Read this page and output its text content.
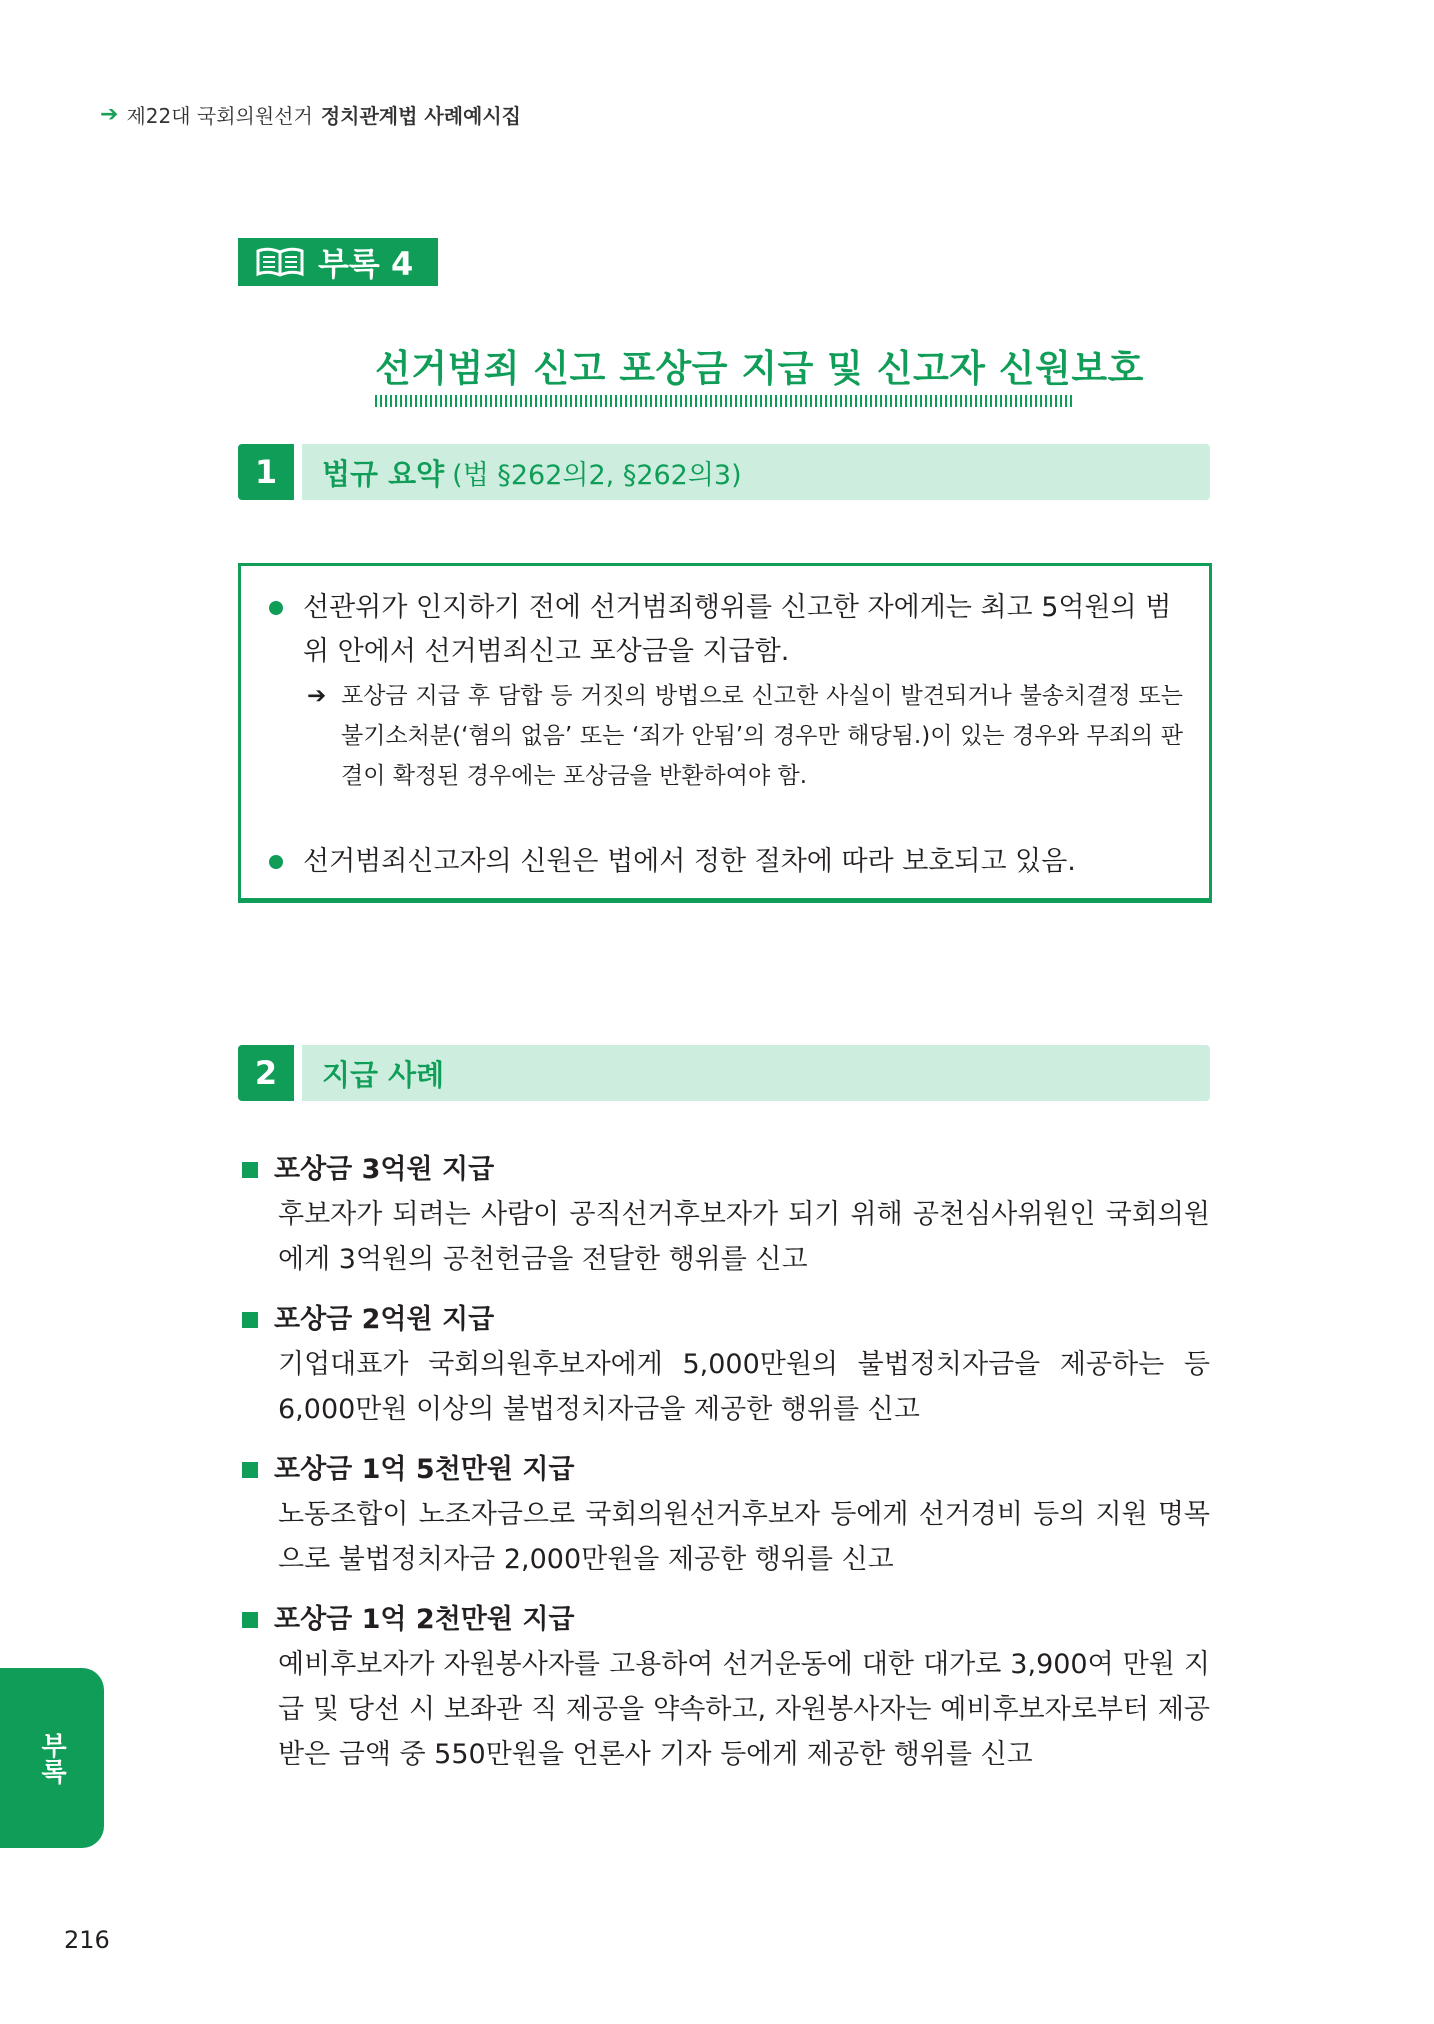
➔ 제22대 국회의원선거 정치관계법 사례예시집
부록 4
선거범죄 신고 포상금 지급 및 신고자 신원보호
1	법규 요약 (법 §262의2, §262의3)
선관위가 인지하기 전에 선거범죄행위를 신고한 자에게는 최고 5억원의 범위 안에서 선거범죄신고 포상금을 지급함.
➔ 포상금 지급 후 담합 등 거짓의 방법으로 신고한 사실이 발견되거나 불송치결정 또는 불기소처분(‘혐의 없음’ 또는 ‘죄가 안됨’의 경우만 해당됨.)이 있는 경우와 무죄의 판결이 확정된 경우에는 포상금을 반환하여야 함.
선거범죄신고자의 신원은 법에서 정한 절차에 따라 보호되고 있음.
2	지급 사례
포상금 3억원 지급
후보자가 되려는 사람이 공직선거후보자가 되기 위해 공천심사위원인 국회의원에게 3억원의 공천헌금을 전달한 행위를 신고
포상금 2억원 지급
기업대표가 국회의원후보자에게 5,000만원의 불법정치자금을 제공하는 등 6,000만원 이상의 불법정치자금을 제공한 행위를 신고
포상금 1억 5천만원 지급
노동조합이 노조자금으로 국회의원선거후보자 등에게 선거경비 등의 지원 명목으로 불법정치자금 2,000만원을 제공한 행위를 신고
포상금 1억 2천만원 지급
예비후보자가 자원봉사자를 고용하여 선거운동에 대한 대가로 3,900여 만원 지급 및 당선 시 보좌관 직 제공을 약속하고, 자원봉사자는 예비후보자로부터 제공받은 금액 중 550만원을 언론사 기자 등에게 제공한 행위를 신고
부록
216
